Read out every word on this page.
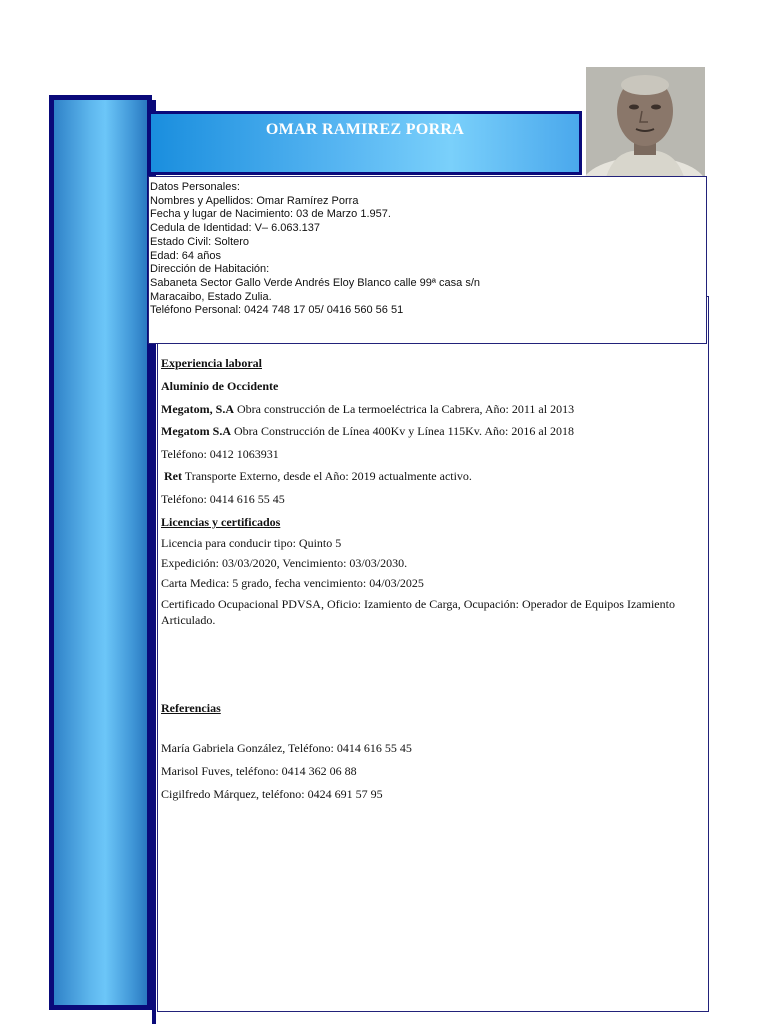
OMAR RAMIREZ PORRA
Datos Personales:
Nombres y Apellidos: Omar Ramírez Porra
Fecha y lugar de Nacimiento: 03 de Marzo 1.957.
Cedula de Identidad: V– 6.063.137
Estado Civil: Soltero
Edad: 64 años
Dirección de Habitación:
Sabaneta Sector Gallo Verde Andrés Eloy Blanco calle 99ª casa s/n
Maracaibo, Estado Zulia.
Teléfono Personal: 0424 748 17 05/ 0416 560 56 51
Experiencia laboral
Aluminio de Occidente
Megatom, S.A Obra construcción de La termoeléctrica la Cabrera, Año: 2011 al 2013
Megatom S.A Obra Construcción de Línea 400Kv y Línea 115Kv. Año: 2016 al 2018
Teléfono: 0412 1063931
Ret Transporte Externo, desde el Año: 2019 actualmente activo.
Teléfono: 0414 616 55 45
Licencias y certificados
Licencia para conducir tipo: Quinto 5
Expedición: 03/03/2020, Vencimiento: 03/03/2030.
Carta Medica: 5 grado, fecha vencimiento: 04/03/2025
Certificado Ocupacional PDVSA, Oficio: Izamiento de Carga, Ocupación: Operador de Equipos Izamiento Articulado.
Referencias
María Gabriela González, Teléfono: 0414 616 55 45
Marisol Fuves, teléfono: 0414 362 06 88
Cigilfredo Márquez, teléfono: 0424 691 57 95
